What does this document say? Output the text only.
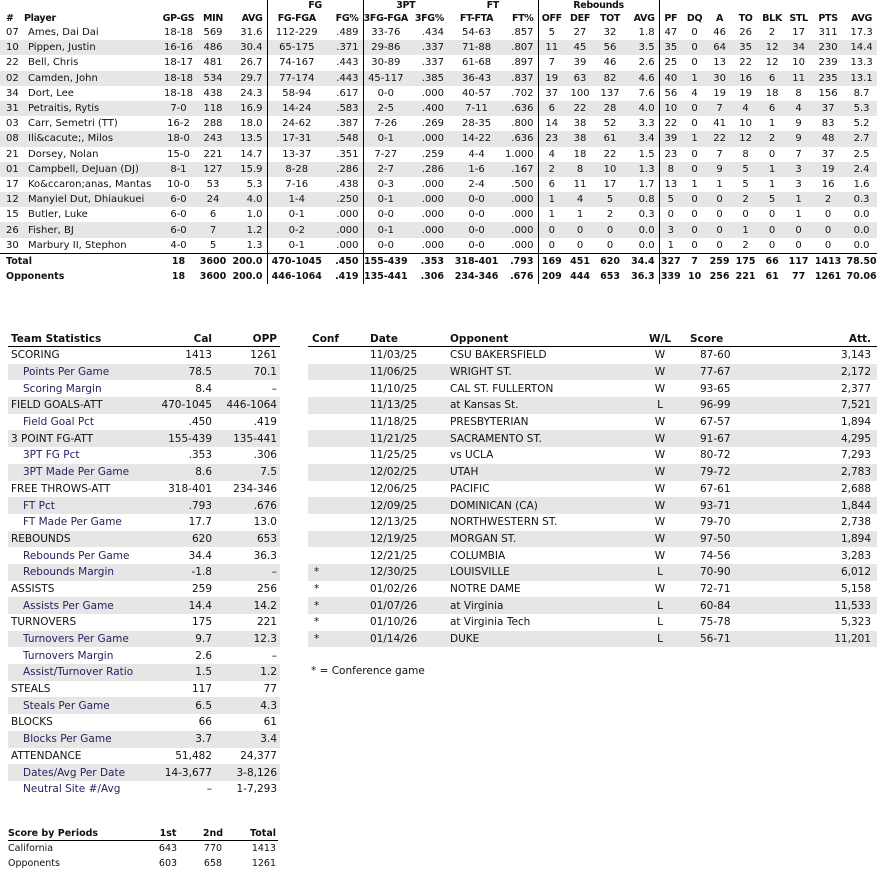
					FG		3PT		FT		Rebounds											
#	Player	GP-GS	MIN	AVG	FG-FGA	FG%	3FG-FGA	3FG%	FT-FTA	FT%	OFF	DEF	TOT	AVG	PF	DQ	A	TO	BLK	STL	PTS	AVG
07	Ames, Dai Dai	18-18	569	31.6	112-229	.489	33-76	.434	54-63	.857	5	27	32	1.8	47	0	46	26	2	17	311	17.3
10	Pippen, Justin	16-16	486	30.4	65-175	.371	29-86	.337	71-88	.807	11	45	56	3.5	35	0	64	35	12	34	230	14.4
22	Bell, Chris	18-17	481	26.7	74-167	.443	30-89	.337	61-68	.897	7	39	46	2.6	25	0	13	22	12	10	239	13.3
02	Camden, John	18-18	534	29.7	77-174	.443	45-117	.385	36-43	.837	19	63	82	4.6	40	1	30	16	6	11	235	13.1
34	Dort, Lee	18-18	438	24.3	58-94	.617	0-0	.000	40-57	.702	37	100	137	7.6	56	4	19	19	18	8	156	8.7
31	Petraitis, Rytis	7-0	118	16.9	14-24	.583	2-5	.400	7-11	.636	6	22	28	4.0	10	0	7	4	6	4	37	5.3
03	Carr, Semetri (TT)	16-2	288	18.0	24-62	.387	7-26	.269	28-35	.800	14	38	52	3.3	22	0	41	10	1	9	83	5.2
08	Ili&cacute;, Milos	18-0	243	13.5	17-31	.548	0-1	.000	14-22	.636	23	38	61	3.4	39	1	22	12	2	9	48	2.7
21	Dorsey, Nolan	15-0	221	14.7	13-37	.351	7-27	.259	4-4	1.000	4	18	22	1.5	23	0	7	8	0	7	37	2.5
01	Campbell, DeJuan (DJ)	8-1	127	15.9	8-28	.286	2-7	.286	1-6	.167	2	8	10	1.3	8	0	9	5	1	3	19	2.4
17	Ko&ccaron;anas, Mantas	10-0	53	5.3	7-16	.438	0-3	.000	2-4	.500	6	11	17	1.7	13	1	1	5	1	3	16	1.6
12	Manyiel Dut, Dhiaukuei	6-0	24	4.0	1-4	.250	0-1	.000	0-0	.000	1	4	5	0.8	5	0	0	2	5	1	2	0.3
15	Butler, Luke	6-0	6	1.0	0-1	.000	0-0	.000	0-0	.000	1	1	2	0.3	0	0	0	0	0	1	0	0.0
26	Fisher, BJ	6-0	7	1.2	0-2	.000	0-1	.000	0-0	.000	0	0	0	0.0	3	0	0	1	0	0	0	0.0
30	Marbury II, Stephon	4-0	5	1.3	0-1	.000	0-0	.000	0-0	.000	0	0	0	0.0	1	0	0	2	0	0	0	0.0
Total		18	3600	200.0	470-1045	.450	155-439	.353	318-401	.793	169	451	620	34.4	327	7	259	175	66	117	1413	78.50
Opponents		18	3600	200.0	446-1064	.419	135-441	.306	234-346	.676	209	444	653	36.3	339	10	256	221	61	77	1261	70.06
Team Statistics	Cal	OPP
SCORING	1413	1261
Points Per Game	78.5	70.1
Scoring Margin	8.4	–
FIELD GOALS-ATT	470-1045	446-1064
Field Goal Pct	.450	.419
3 POINT FG-ATT	155-439	135-441
3PT FG Pct	.353	.306
3PT Made Per Game	8.6	7.5
FREE THROWS-ATT	318-401	234-346
FT Pct	.793	.676
FT Made Per Game	17.7	13.0
REBOUNDS	620	653
Rebounds Per Game	34.4	36.3
Rebounds Margin	-1.8	–
ASSISTS	259	256
Assists Per Game	14.4	14.2
TURNOVERS	175	221
Turnovers Per Game	9.7	12.3
Turnovers Margin	2.6	–
Assist/Turnover Ratio	1.5	1.2
STEALS	117	77
Steals Per Game	6.5	4.3
BLOCKS	66	61
Blocks Per Game	3.7	3.4
ATTENDANCE	51,482	24,377
Dates/Avg Per Date	14-3,677	3-8,126
Neutral Site #/Avg	–	1-7,293
Conf	Date	Opponent	W/L	Score	Att.
	11/03/25	CSU BAKERSFIELD	W	87-60	3,143
	11/06/25	WRIGHT ST.	W	77-67	2,172
	11/10/25	CAL ST. FULLERTON	W	93-65	2,377
	11/13/25	at Kansas St.	L	96-99	7,521
	11/18/25	PRESBYTERIAN	W	67-57	1,894
	11/21/25	SACRAMENTO ST.	W	91-67	4,295
	11/25/25	vs UCLA	W	80-72	7,293
	12/02/25	UTAH	W	79-72	2,783
	12/06/25	PACIFIC	W	67-61	2,688
	12/09/25	DOMINICAN (CA)	W	93-71	1,844
	12/13/25	NORTHWESTERN ST.	W	79-70	2,738
	12/19/25	MORGAN ST.	W	97-50	1,894
	12/21/25	COLUMBIA	W	74-56	3,283
*	12/30/25	LOUISVILLE	L	70-90	6,012
*	01/02/26	NOTRE DAME	W	72-71	5,158
*	01/07/26	at Virginia	L	60-84	11,533
*	01/10/26	at Virginia Tech	L	75-78	5,323
*	01/14/26	DUKE	L	56-71	11,201
* = Conference game
Score by Periods	1st	2nd	Total
California	643	770	1413
Opponents	603	658	1261
